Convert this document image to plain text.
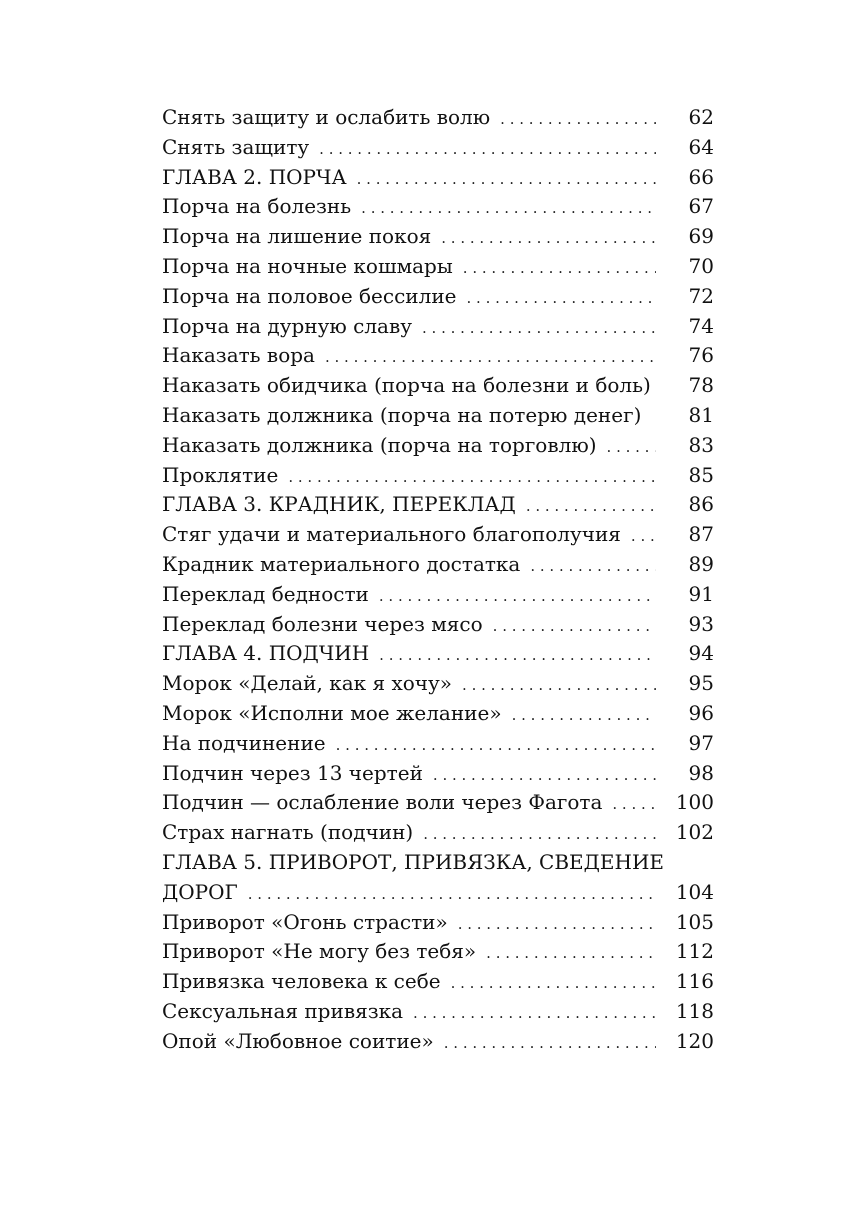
Снять защиту и ослабить волю . . .	62
Снять защиту . . .	64
ГЛАВА 2. ПОРЧА . . .	66
Порча на болезнь . . .	67
Порча на лишение покоя . . .	69
Порча на ночные кошмары . . .	70
Порча на половое бессилие . . .	72
Порча на дурную славу . . .	74
Наказать вора . . .	76
Наказать обидчика (порча на болезни и боль)	78
Наказать должника (порча на потерю денег)	81
Наказать должника (порча на торговлю) . . .	83
Проклятие . . .	85
ГЛАВА 3. КРАДНИК, ПЕРЕКЛАД . . .	86
Стяг удачи и материального благополучия . . .	87
Крадник материального достатка . . .	89
Переклад бедности . . .	91
Переклад болезни через мясо . . .	93
ГЛАВА 4. ПОДЧИН . . .	94
Морок «Делай, как я хочу» . . .	95
Морок «Исполни мое желание» . . .	96
На подчинение . . .	97
Подчин через 13 чертей . . .	98
Подчин — ослабление воли через Фагота . . .	100
Страх нагнать (подчин) . . .	102
ГЛАВА 5. ПРИВОРОТ, ПРИВЯЗКА, СВЕДЕНИЕ
ДОРОГ . . .	104
Приворот «Огонь страсти» . . .	105
Приворот «Не могу без тебя» . . .	112
Привязка человека к себе . . .	116
Сексуальная привязка . . .	118
Опой «Любовное соитие» . . .	120
